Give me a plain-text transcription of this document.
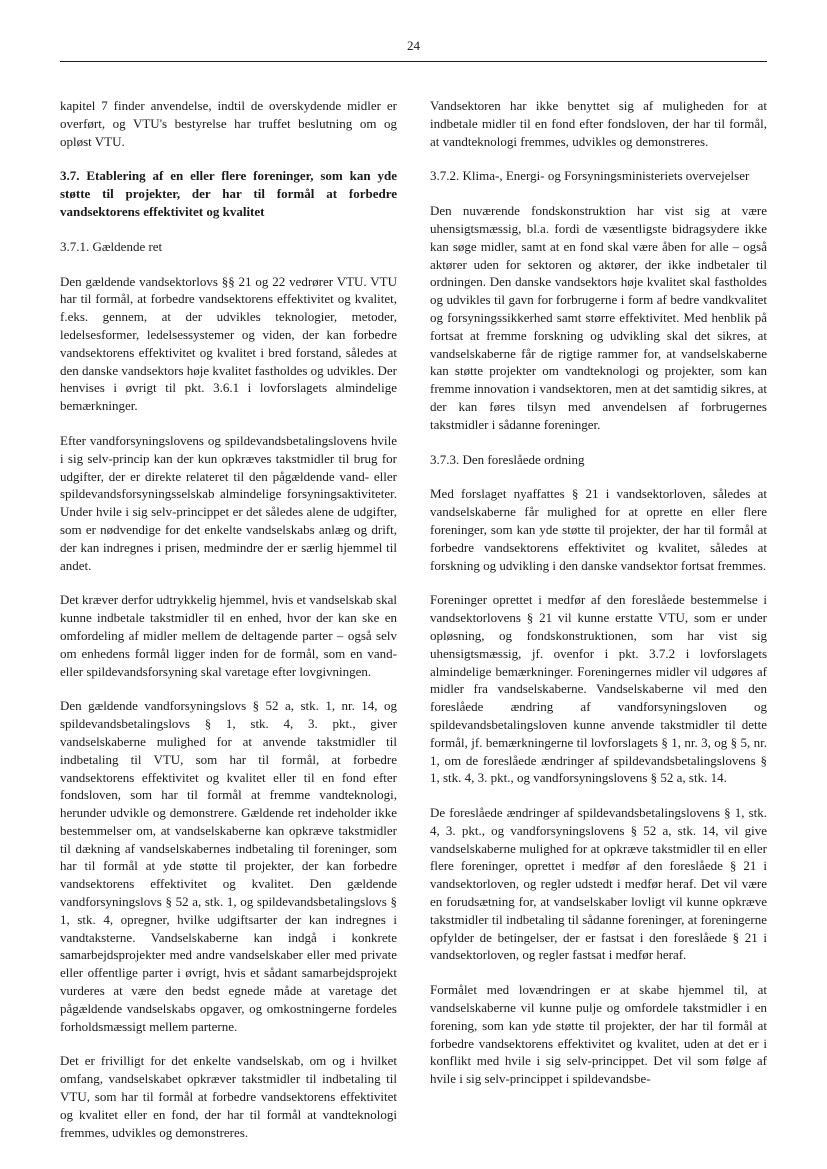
24

kapitel 7 finder anvendelse, indtil de overskydende midler er overført, og VTU's bestyrelse har truffet beslutning om og opløst VTU.

3.7. Etablering af en eller flere foreninger, som kan yde støtte til projekter, der har til formål at forbedre vandsektorens effektivitet og kvalitet

3.7.1. Gældende ret

Den gældende vandsektorlovs §§ 21 og 22 vedrører VTU. VTU har til formål, at forbedre vandsektorens effektivitet og kvalitet, f.eks. gennem, at der udvikles teknologier, metoder, ledelsesformer, ledelsessystemer og viden, der kan forbedre vandsektorens effektivitet og kvalitet i bred forstand, således at den danske vandsektors høje kvalitet fastholdes og udvikles. Der henvises i øvrigt til pkt. 3.6.1 i lovforslagets almindelige bemærkninger.

Efter vandforsyningslovens og spildevandsbetalingslovens hvile i sig selv-princip kan der kun opkræves takstmidler til brug for udgifter, der er direkte relateret til den pågældende vand- eller spildevandsforsyningsselskab almindelige forsyningsaktiviteter. Under hvile i sig selv-princippet er det således alene de udgifter, som er nødvendige for det enkelte vandselskabs anlæg og drift, der kan indregnes i prisen, medmindre der er særlig hjemmel til andet.

Det kræver derfor udtrykkelig hjemmel, hvis et vandselskab skal kunne indbetale takstmidler til en enhed, hvor der kan ske en omfordeling af midler mellem de deltagende parter – også selv om enhedens formål ligger inden for de formål, som en vand- eller spildevandsforsyning skal varetage efter lovgivningen.

Den gældende vandforsyningslovs § 52 a, stk. 1, nr. 14, og spildevandsbetalingslovs § 1, stk. 4, 3. pkt., giver vandselskaberne mulighed for at anvende takstmidler til indbetaling til VTU, som har til formål, at forbedre vandsektorens effektivitet og kvalitet eller til en fond efter fondsloven, som har til formål at fremme vandteknologi, herunder udvikle og demonstrere. Gældende ret indeholder ikke bestemmelser om, at vandselskaberne kan opkræve takstmidler til dækning af vandselskabernes indbetaling til foreninger, som har til formål at yde støtte til projekter, der kan forbedre vandsektorens effektivitet og kvalitet. Den gældende vandforsyningslovs § 52 a, stk. 1, og spildevandsbetalingslovs § 1, stk. 4, opregner, hvilke udgiftsarter der kan indregnes i vandtaksterne. Vandselskaberne kan indgå i konkrete samarbejdsprojekter med andre vandselskaber eller med private eller offentlige parter i øvrigt, hvis et sådant samarbejdsprojekt vurderes at være den bedst egnede måde at varetage det pågældende vandselskabs opgaver, og omkostningerne fordeles forholdsmæssigt mellem parterne.

Det er frivilligt for det enkelte vandselskab, om og i hvilket omfang, vandselskabet opkræver takstmidler til indbetaling til VTU, som har til formål at forbedre vandsektorens effektivitet og kvalitet eller en fond, der har til formål at vandteknologi fremmes, udvikles og demonstreres.

Vandsektoren har ikke benyttet sig af muligheden for at indbetale midler til en fond efter fondsloven, der har til formål, at vandteknologi fremmes, udvikles og demonstreres.

3.7.2. Klima-, Energi- og Forsyningsministeriets overvejelser

Den nuværende fondskonstruktion har vist sig at være uhensigtsmæssig, bl.a. fordi de væsentligste bidragsydere ikke kan søge midler, samt at en fond skal være åben for alle – også aktører uden for sektoren og aktører, der ikke indbetaler til ordningen. Den danske vandsektors høje kvalitet skal fastholdes og udvikles til gavn for forbrugerne i form af bedre vandkvalitet og forsyningssikkerhed samt større effektivitet. Med henblik på fortsat at fremme forskning og udvikling skal det sikres, at vandselskaberne får de rigtige rammer for, at vandselskaberne kan støtte projekter om vandteknologi og projekter, som kan fremme innovation i vandsektoren, men at det samtidig sikres, at der kan føres tilsyn med anvendelsen af forbrugernes takstmidler i sådanne foreninger.

3.7.3. Den foreslåede ordning

Med forslaget nyaffattes § 21 i vandsektorloven, således at vandselskaberne får mulighed for at oprette en eller flere foreninger, som kan yde støtte til projekter, der har til formål at forbedre vandsektorens effektivitet og kvalitet, således at forskning og udvikling i den danske vandsektor fortsat fremmes.

Foreninger oprettet i medfør af den foreslåede bestemmelse i vandsektorlovens § 21 vil kunne erstatte VTU, som er under opløsning, og fondskonstruktionen, som har vist sig uhensigtsmæssig, jf. ovenfor i pkt. 3.7.2 i lovforslagets almindelige bemærkninger. Foreningernes midler vil udgøres af midler fra vandselskaberne. Vandselskaberne vil med den foreslåede ændring af vandforsyningsloven og spildevandsbetalingsloven kunne anvende takstmidler til dette formål, jf. bemærkningerne til lovforslagets § 1, nr. 3, og § 5, nr. 1, om de foreslåede ændringer af spildevandsbetalingslovens § 1, stk. 4, 3. pkt., og vandforsyningslovens § 52 a, stk. 14.

De foreslåede ændringer af spildevandsbetalingslovens § 1, stk. 4, 3. pkt., og vandforsyningslovens § 52 a, stk. 14, vil give vandselskaberne mulighed for at opkræve takstmidler til en eller flere foreninger, oprettet i medfør af den foreslåede § 21 i vandsektorloven, og regler udstedt i medfør heraf. Det vil være en forudsætning for, at vandselskaber lovligt vil kunne opkræve takstmidler til indbetaling til sådanne foreninger, at foreningerne opfylder de betingelser, der er fastsat i den foreslåede § 21 i vandsektorloven, og regler fastsat i medfør heraf.

Formålet med lovændringen er at skabe hjemmel til, at vandselskaberne vil kunne pulje og omfordele takstmidler i en forening, som kan yde støtte til projekter, der har til formål at forbedre vandsektorens effektivitet og kvalitet, uden at det er i konflikt med hvile i sig selv-princippet. Det vil som følge af hvile i sig selv-princippet i spildevandsbe-
